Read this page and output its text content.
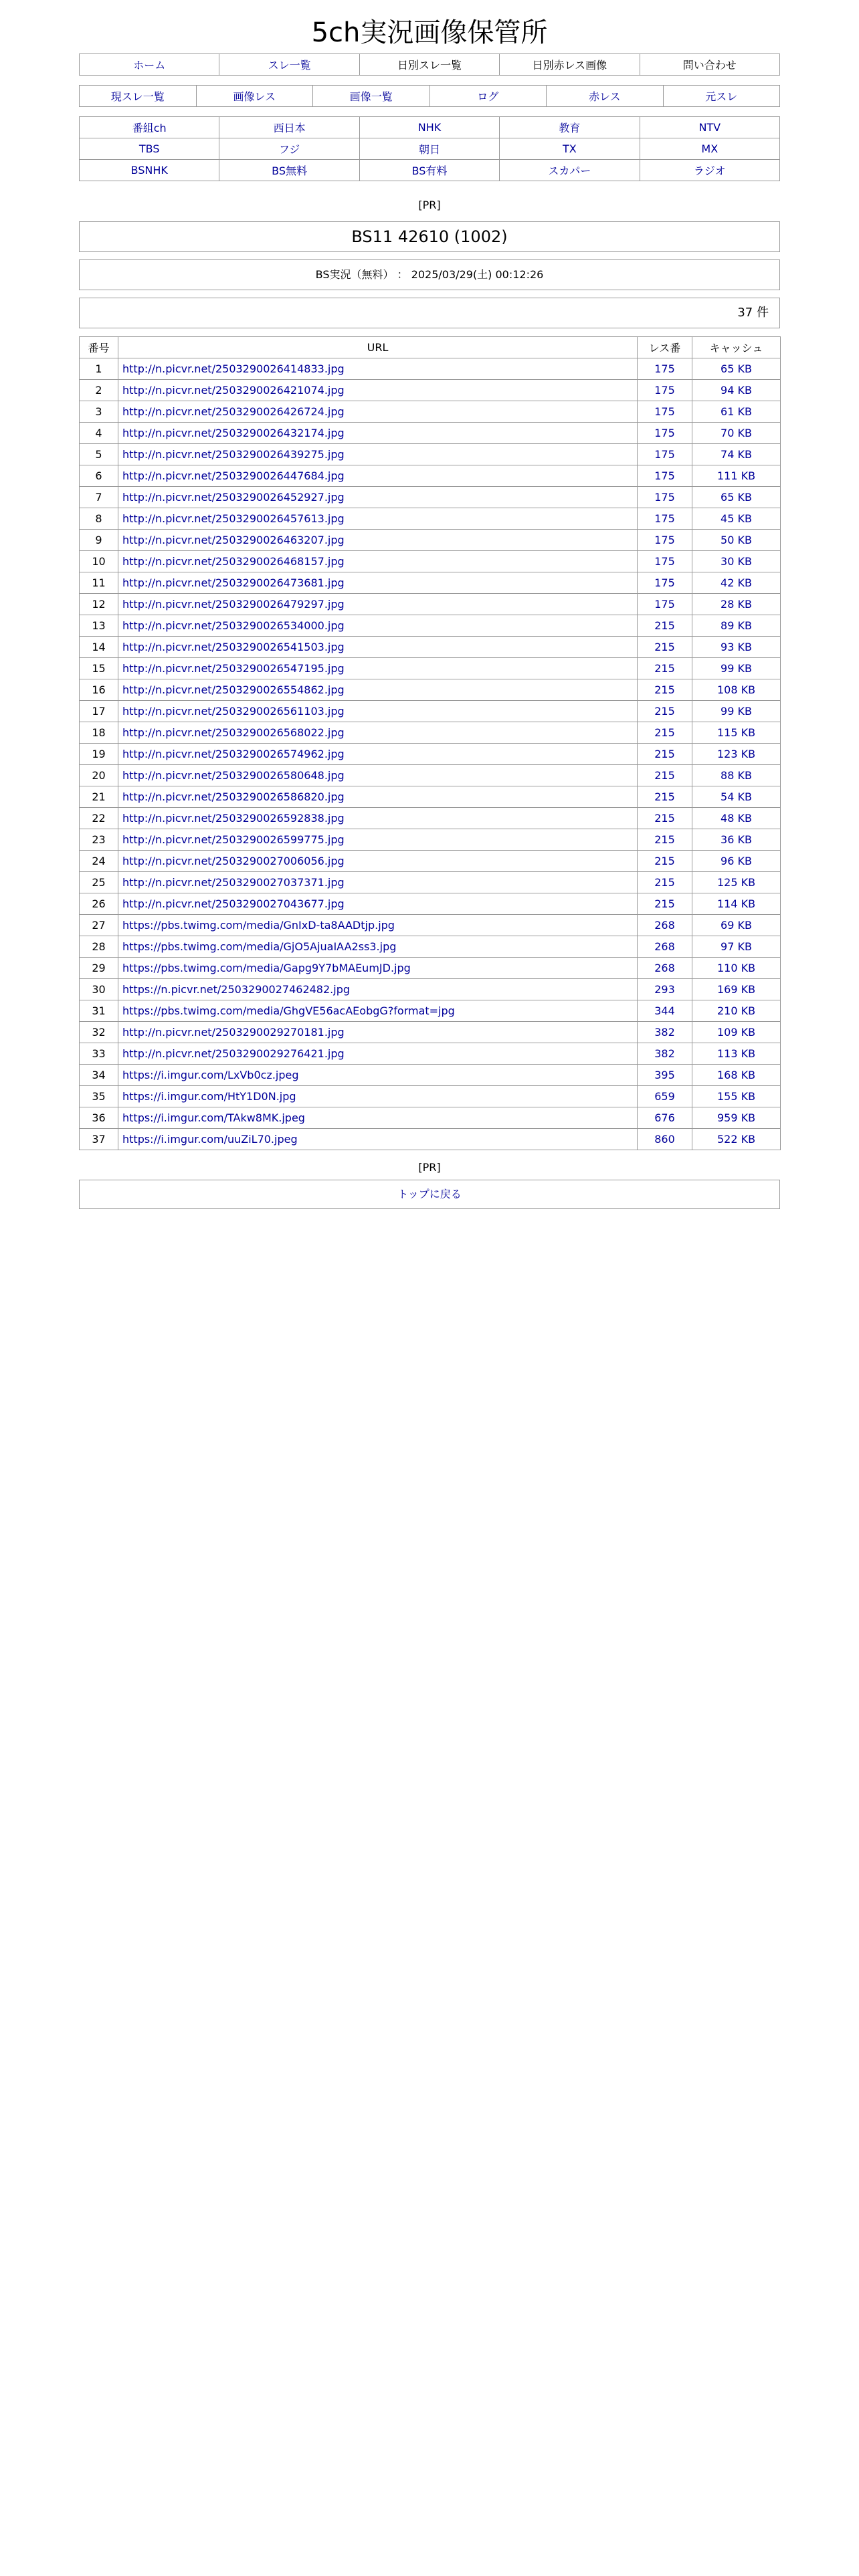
5ch実況画像保管所
ホーム	スレ一覧	日別スレ一覧	日別赤レス画像	問い合わせ
現スレ一覧	画像レス	画像一覧	ログ	赤レス	元スレ
番組ch	西日本	NHK	教育	NTV
TBS	フジ	朝日	TX	MX
BSNHK	BS無料	BS有料	スカパー	ラジオ
[PR]
BS11 42610 (1002)
BS実況（無料） ： 2025/03/29(土) 00:12:26
37 件
番号	URL	レス番	キャッシュ
1	http://n.picvr.net/2503290026414833.jpg	175	65 KB
2	http://n.picvr.net/2503290026421074.jpg	175	94 KB
3	http://n.picvr.net/2503290026426724.jpg	175	61 KB
4	http://n.picvr.net/2503290026432174.jpg	175	70 KB
5	http://n.picvr.net/2503290026439275.jpg	175	74 KB
6	http://n.picvr.net/2503290026447684.jpg	175	111 KB
7	http://n.picvr.net/2503290026452927.jpg	175	65 KB
8	http://n.picvr.net/2503290026457613.jpg	175	45 KB
9	http://n.picvr.net/2503290026463207.jpg	175	50 KB
10	http://n.picvr.net/2503290026468157.jpg	175	30 KB
11	http://n.picvr.net/2503290026473681.jpg	175	42 KB
12	http://n.picvr.net/2503290026479297.jpg	175	28 KB
13	http://n.picvr.net/2503290026534000.jpg	215	89 KB
14	http://n.picvr.net/2503290026541503.jpg	215	93 KB
15	http://n.picvr.net/2503290026547195.jpg	215	99 KB
16	http://n.picvr.net/2503290026554862.jpg	215	108 KB
17	http://n.picvr.net/2503290026561103.jpg	215	99 KB
18	http://n.picvr.net/2503290026568022.jpg	215	115 KB
19	http://n.picvr.net/2503290026574962.jpg	215	123 KB
20	http://n.picvr.net/2503290026580648.jpg	215	88 KB
21	http://n.picvr.net/2503290026586820.jpg	215	54 KB
22	http://n.picvr.net/2503290026592838.jpg	215	48 KB
23	http://n.picvr.net/2503290026599775.jpg	215	36 KB
24	http://n.picvr.net/2503290027006056.jpg	215	96 KB
25	http://n.picvr.net/2503290027037371.jpg	215	125 KB
26	http://n.picvr.net/2503290027043677.jpg	215	114 KB
27	https://pbs.twimg.com/media/GnIxD-ta8AADtjp.jpg	268	69 KB
28	https://pbs.twimg.com/media/GjO5AjuaIAA2ss3.jpg	268	97 KB
29	https://pbs.twimg.com/media/Gapg9Y7bMAEumJD.jpg	268	110 KB
30	https://n.picvr.net/2503290027462482.jpg	293	169 KB
31	https://pbs.twimg.com/media/GhgVE56acAEobgG?format=jpg	344	210 KB
32	http://n.picvr.net/2503290029270181.jpg	382	109 KB
33	http://n.picvr.net/2503290029276421.jpg	382	113 KB
34	https://i.imgur.com/LxVb0cz.jpeg	395	168 KB
35	https://i.imgur.com/HtY1D0N.jpg	659	155 KB
36	https://i.imgur.com/TAkw8MK.jpeg	676	959 KB
37	https://i.imgur.com/uuZiL70.jpeg	860	522 KB
[PR]
トップに戻る
